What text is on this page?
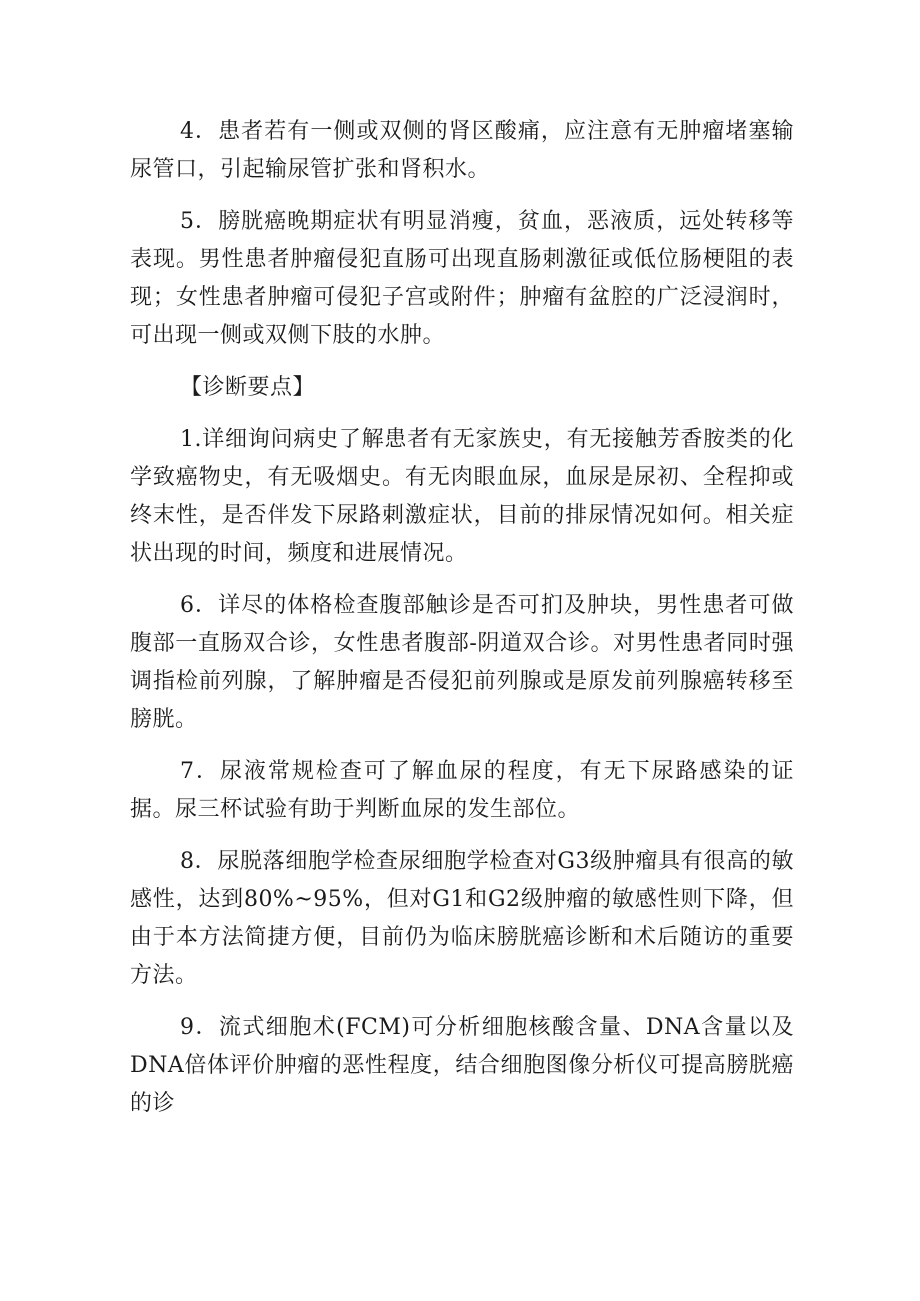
4．患者若有一侧或双侧的肾区酸痛，应注意有无肿瘤堵塞输尿管口，引起输尿管扩张和肾积水。

5．膀胱癌晚期症状有明显消瘦，贫血，恶液质，远处转移等表现。男性患者肿瘤侵犯直肠可出现直肠刺激征或低位肠梗阻的表现；女性患者肿瘤可侵犯子宫或附件；肿瘤有盆腔的广泛浸润时，可出现一侧或双侧下肢的水肿。

【诊断要点】

1.详细询问病史了解患者有无家族史，有无接触芳香胺类的化学致癌物史，有无吸烟史。有无肉眼血尿，血尿是尿初、全程抑或终末性，是否伴发下尿路刺激症状，目前的排尿情况如何。相关症状出现的时间，频度和进展情况。

6．详尽的体格检查腹部触诊是否可扪及肿块，男性患者可做腹部一直肠双合诊，女性患者腹部-阴道双合诊。对男性患者同时强调指检前列腺，了解肿瘤是否侵犯前列腺或是原发前列腺癌转移至膀胱。

7．尿液常规检查可了解血尿的程度，有无下尿路感染的证据。尿三杯试验有助于判断血尿的发生部位。

8．尿脱落细胞学检查尿细胞学检查对G3级肿瘤具有很高的敏感性，达到80%~95%，但对G1和G2级肿瘤的敏感性则下降，但由于本方法简捷方便，目前仍为临床膀胱癌诊断和术后随访的重要方法。

9．流式细胞术(FCM)可分析细胞核酸含量、DNA含量以及DNA倍体评价肿瘤的恶性程度，结合细胞图像分析仪可提高膀胱癌的诊
